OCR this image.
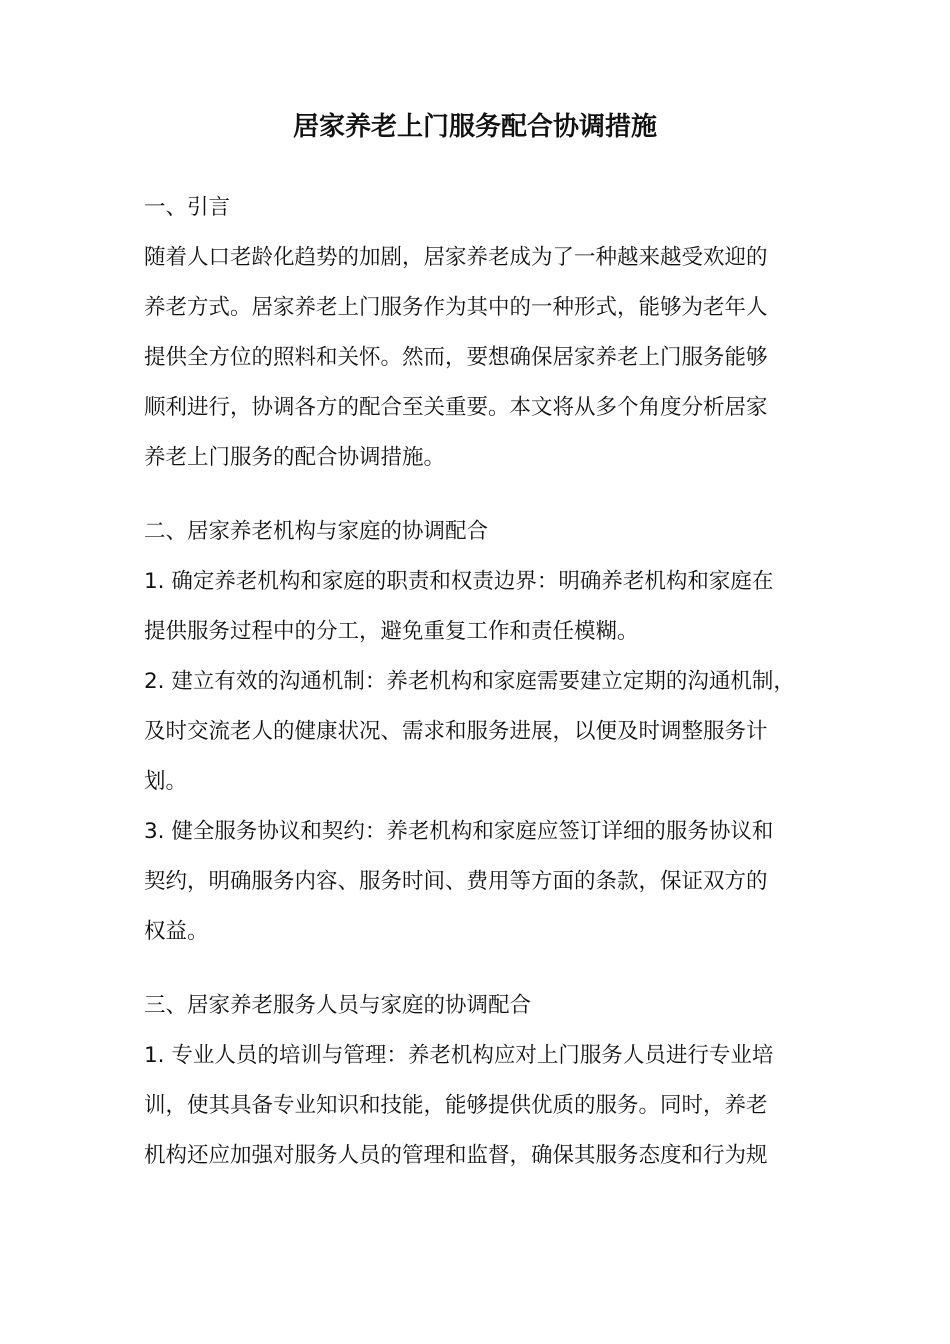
居家养老上门服务配合协调措施

一、引言

随着人口老龄化趋势的加剧，居家养老成为了一种越来越受欢迎的

养老方式。居家养老上门服务作为其中的一种形式，能够为老年人

提供全方位的照料和关怀。然而，要想确保居家养老上门服务能够

顺利进行，协调各方的配合至关重要。本文将从多个角度分析居家

养老上门服务的配合协调措施。

二、居家养老机构与家庭的协调配合

1. 确定养老机构和家庭的职责和权责边界：明确养老机构和家庭在

提供服务过程中的分工，避免重复工作和责任模糊。

2. 建立有效的沟通机制：养老机构和家庭需要建立定期的沟通机制，

及时交流老人的健康状况、需求和服务进展，以便及时调整服务计

划。

3. 健全服务协议和契约：养老机构和家庭应签订详细的服务协议和

契约，明确服务内容、服务时间、费用等方面的条款，保证双方的

权益。

三、居家养老服务人员与家庭的协调配合

1. 专业人员的培训与管理：养老机构应对上门服务人员进行专业培

训，使其具备专业知识和技能，能够提供优质的服务。同时，养老

机构还应加强对服务人员的管理和监督，确保其服务态度和行为规
